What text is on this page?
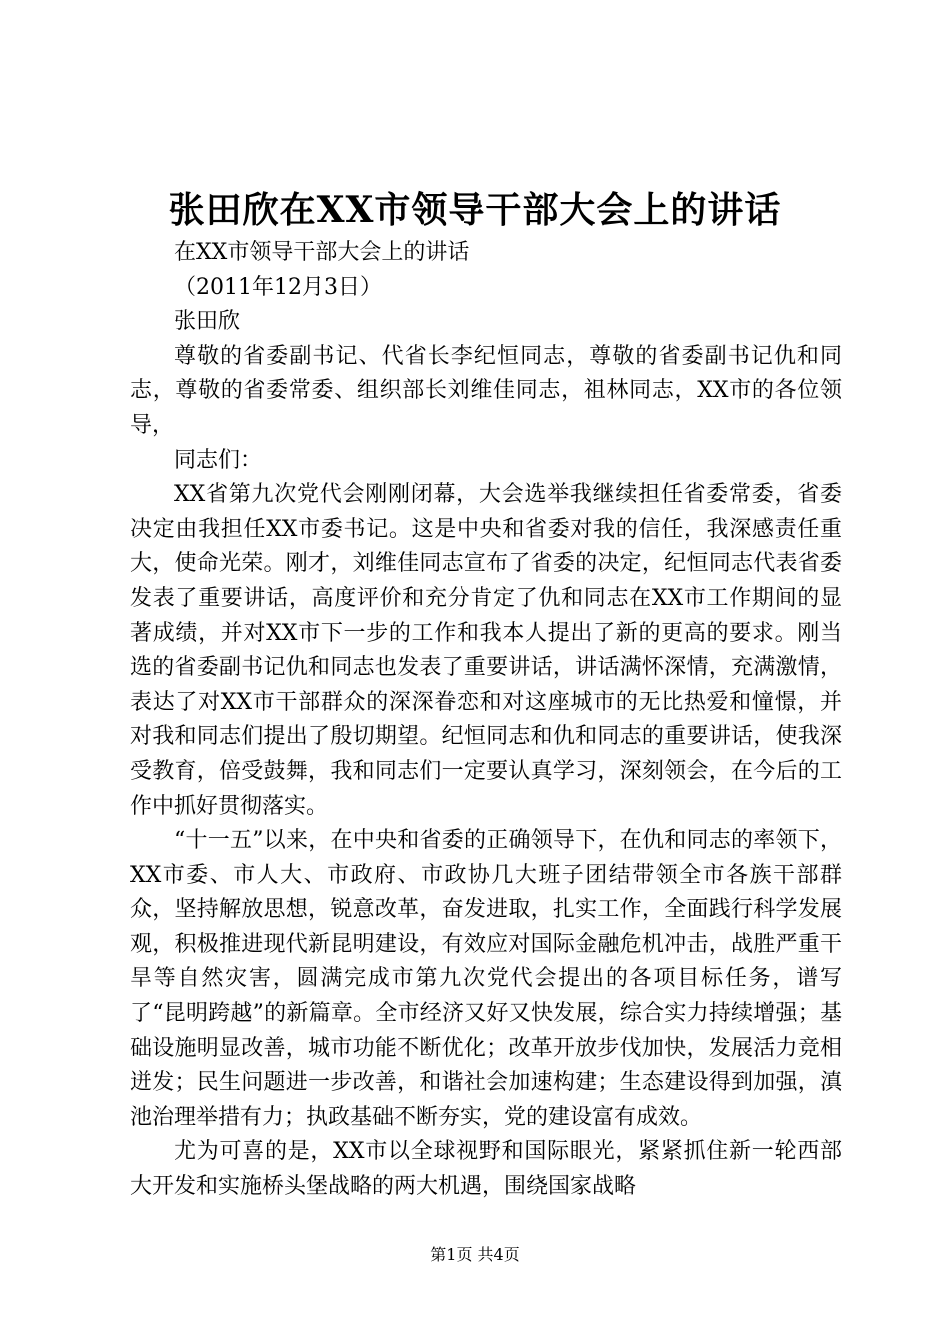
张田欣在XX市领导干部大会上的讲话

在XX市领导干部大会上的讲话

（2011年12月3日）

张田欣

尊敬的省委副书记、代省长李纪恒同志，尊敬的省委副书记仇和同志，尊敬的省委常委、组织部长刘维佳同志，祖林同志，XX市的各位领导，

同志们：

XX省第九次党代会刚刚闭幕，大会选举我继续担任省委常委，省委决定由我担任XX市委书记。这是中央和省委对我的信任，我深感责任重大，使命光荣。刚才，刘维佳同志宣布了省委的决定，纪恒同志代表省委发表了重要讲话，高度评价和充分肯定了仇和同志在XX市工作期间的显著成绩，并对XX市下一步的工作和我本人提出了新的更高的要求。刚当选的省委副书记仇和同志也发表了重要讲话，讲话满怀深情，充满激情，表达了对XX市干部群众的深深眷恋和对这座城市的无比热爱和憧憬，并对我和同志们提出了殷切期望。纪恒同志和仇和同志的重要讲话，使我深受教育，倍受鼓舞，我和同志们一定要认真学习，深刻领会，在今后的工作中抓好贯彻落实。

“十一五”以来，在中央和省委的正确领导下，在仇和同志的率领下，XX市委、市人大、市政府、市政协几大班子团结带领全市各族干部群众，坚持解放思想，锐意改革，奋发进取，扎实工作，全面践行科学发展观，积极推进现代新昆明建设，有效应对国际金融危机冲击，战胜严重干旱等自然灾害，圆满完成市第九次党代会提出的各项目标任务，谱写了“昆明跨越”的新篇章。全市经济又好又快发展，综合实力持续增强；基础设施明显改善，城市功能不断优化；改革开放步伐加快，发展活力竞相迸发；民生问题进一步改善，和谐社会加速构建；生态建设得到加强，滇池治理举措有力；执政基础不断夯实，党的建设富有成效。

尤为可喜的是，XX市以全球视野和国际眼光，紧紧抓住新一轮西部大开发和实施桥头堡战略的两大机遇，围绕国家战略

第1页 共4页
